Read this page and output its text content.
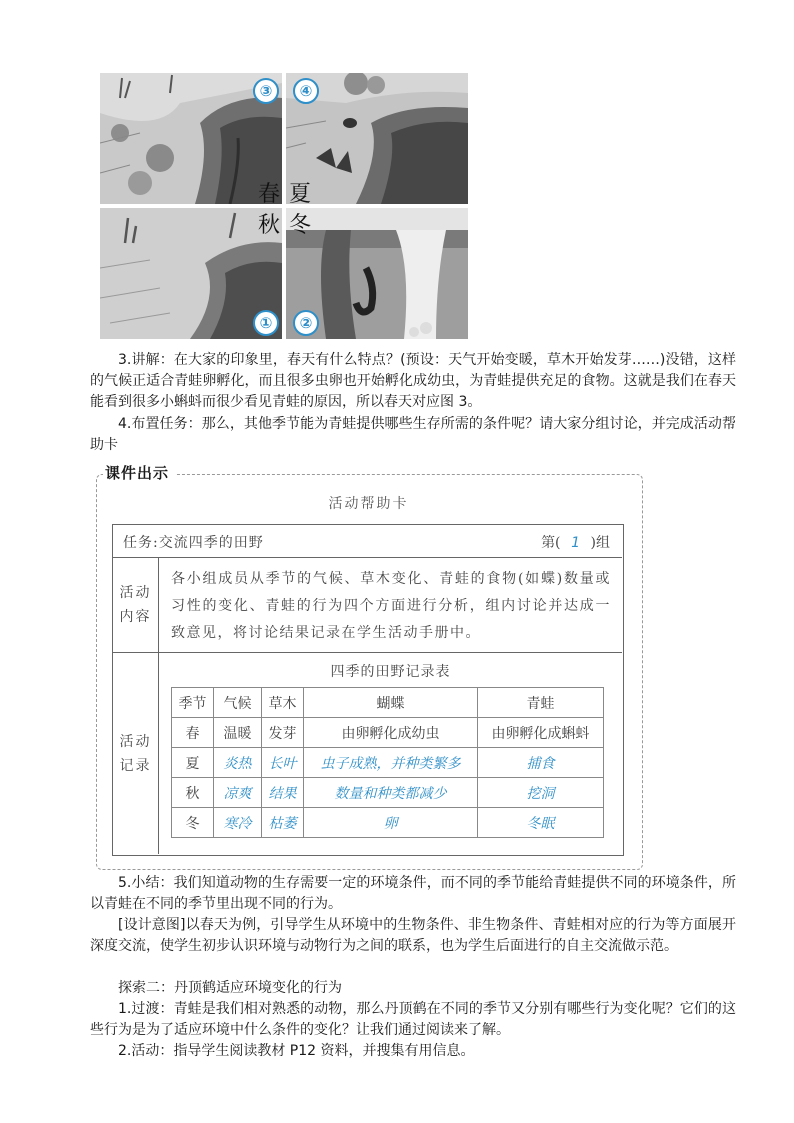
③	④
①	②
春 夏
秋 冬

3.讲解：在大家的印象里，春天有什么特点？(预设：天气开始变暖，草木开始发芽……)没错，这样的气候正适合青蛙卵孵化，而且很多虫卵也开始孵化成幼虫，为青蛙提供充足的食物。这就是我们在春天能看到很多小蝌蚪而很少看见青蛙的原因，所以春天对应图 3。

4.布置任务：那么，其他季节能为青蛙提供哪些生存所需的条件呢？请大家分组讨论，并完成活动帮助卡

课件出示
活动帮助卡
任务:交流四季的田野	第( 1 )组
活动内容
各小组成员从季节的气候、草木变化、青蛙的食物(如蝶)数量或习性的变化、青蛙的行为四个方面进行分析，组内讨论并达成一致意见，将讨论结果记录在学生活动手册中。
活动记录
四季的田野记录表
季节	气候	草木	蝴蝶	青蛙
春	温暖	发芽	由卵孵化成幼虫	由卵孵化成蝌蚪
夏	炎热	长叶	虫子成熟，并种类繁多	捕食
秋	凉爽	结果	数量和种类都减少	挖洞
冬	寒冷	枯萎	卵	冬眠

5.小结：我们知道动物的生存需要一定的环境条件，而不同的季节能给青蛙提供不同的环境条件，所以青蛙在不同的季节里出现不同的行为。

[设计意图]以春天为例，引导学生从环境中的生物条件、非生物条件、青蛙相对应的行为等方面展开深度交流，使学生初步认识环境与动物行为之间的联系，也为学生后面进行的自主交流做示范。

探索二：丹顶鹤适应环境变化的行为

1.过渡：青蛙是我们相对熟悉的动物，那么丹顶鹤在不同的季节又分别有哪些行为变化呢？它们的这些行为是为了适应环境中什么条件的变化？让我们通过阅读来了解。

2.活动：指导学生阅读教材 P12 资料，并搜集有用信息。
